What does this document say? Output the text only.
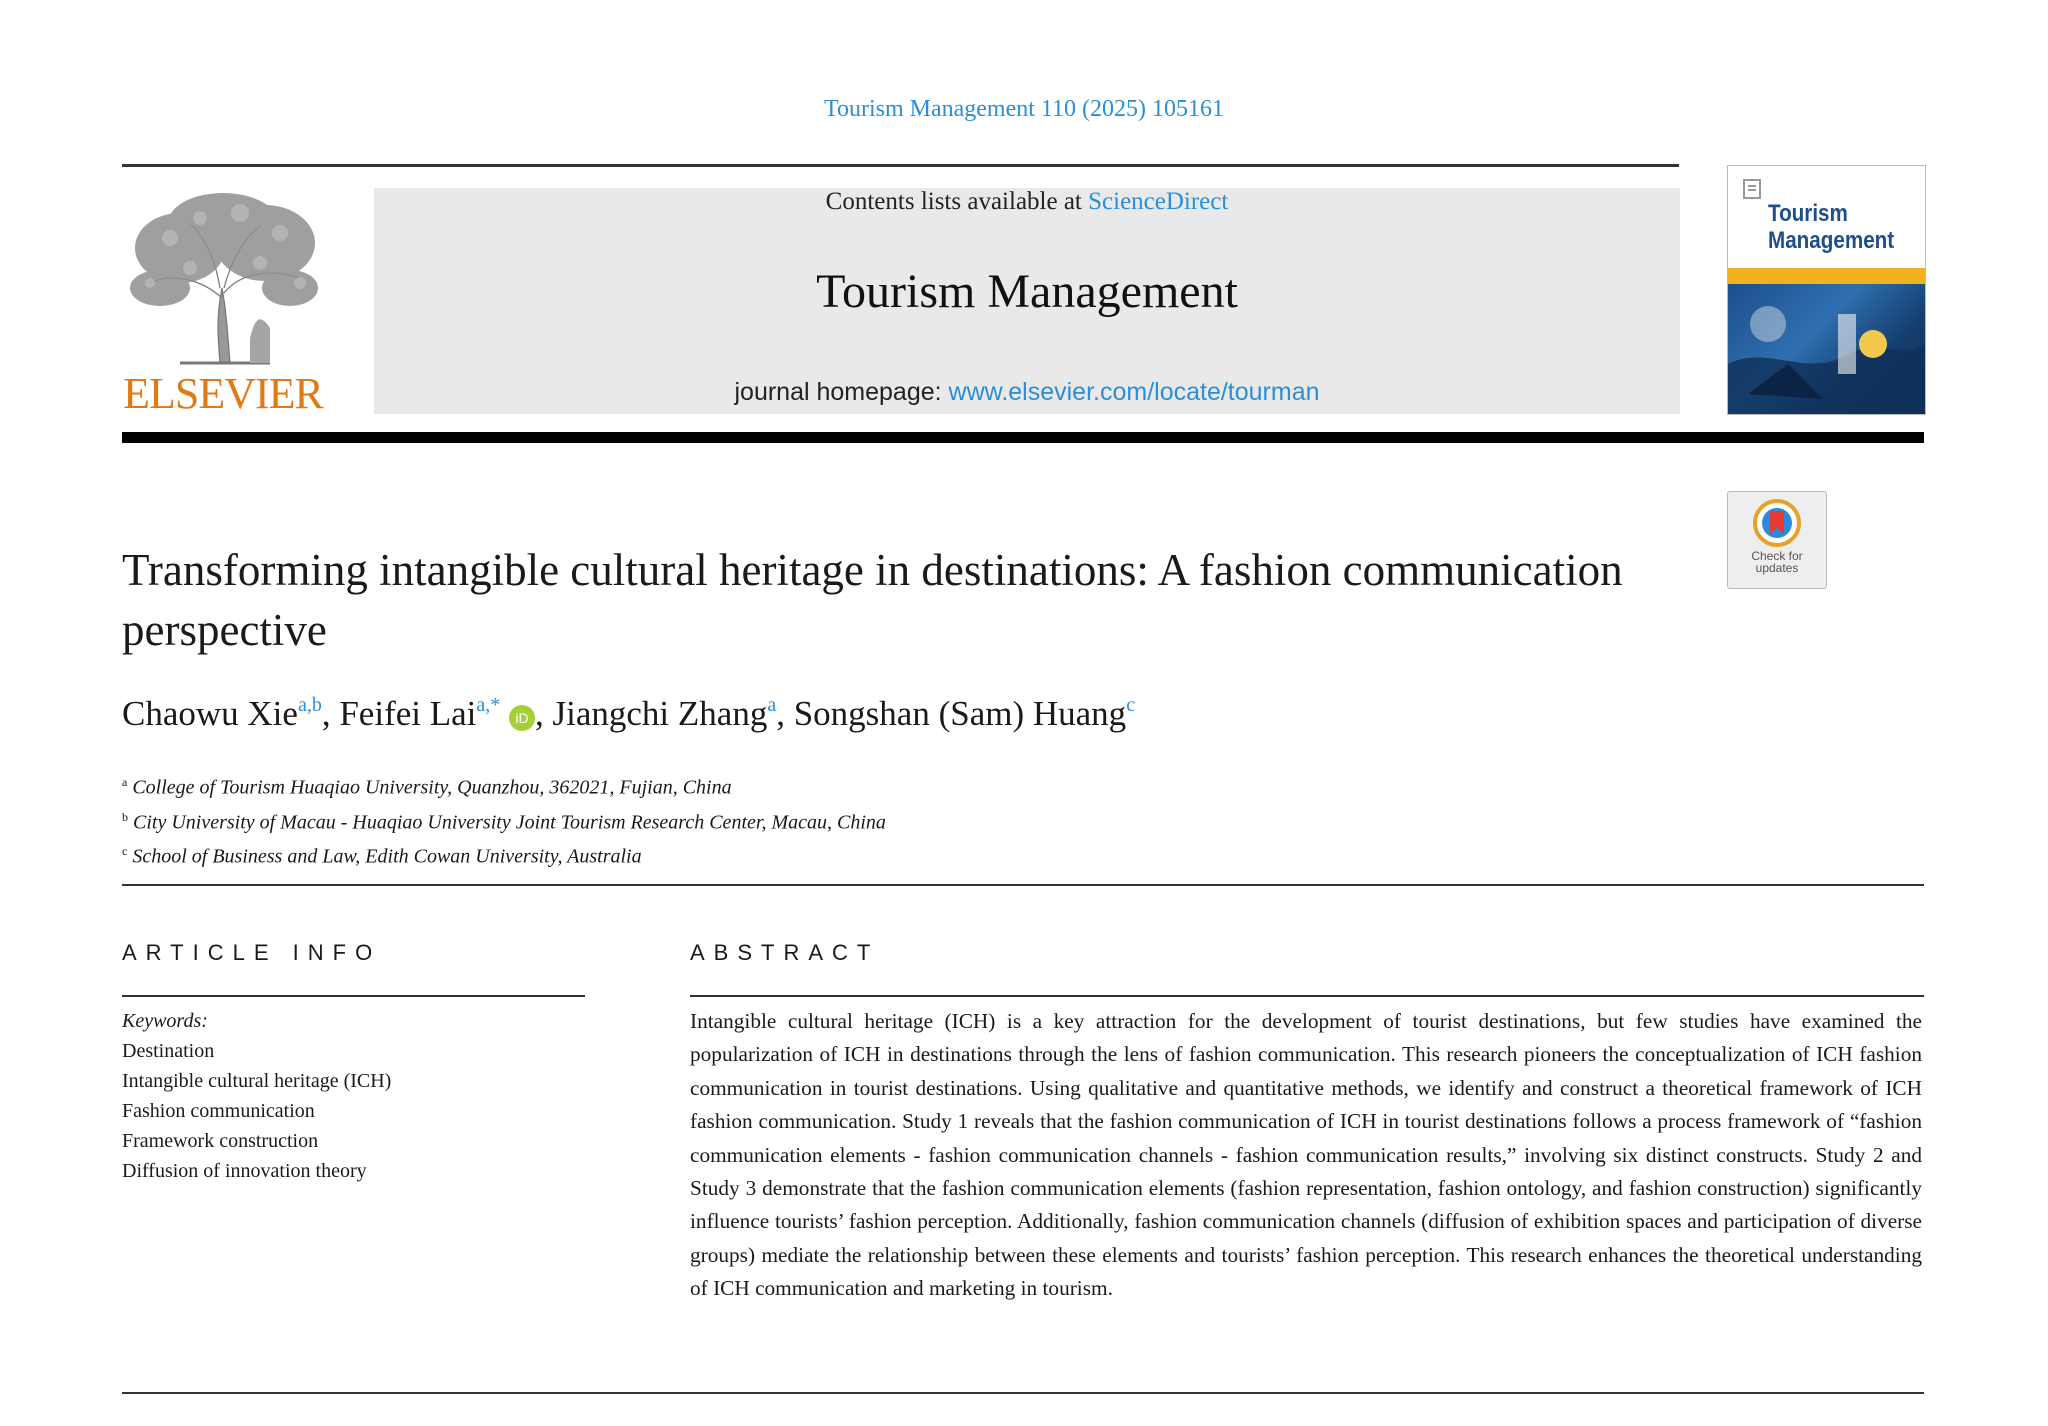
Tourism Management 110 (2025) 105161
ELSEVIER
Contents lists available at ScienceDirect
Tourism Management
journal homepage: www.elsevier.com/locate/tourman
Tourism
Management
Check for
updates
Transforming intangible cultural heritage in destinations: A fashion communication perspective
Chaowu Xie$^{a,b}$, Feifei Lai$^{a,*}$ iD , Jiangchi Zhang$^a$, Songshan (Sam) Huang$^c$
$^a$ College of Tourism Huaqiao University, Quanzhou, 362021, Fujian, China
$^b$ City University of Macau - Huaqiao University Joint Tourism Research Center, Macau, China
$^c$ School of Business and Law, Edith Cowan University, Australia
ARTICLE INFO
Keywords:
Destination
Intangible cultural heritage (ICH)
Fashion communication
Framework construction
Diffusion of innovation theory
ABSTRACT
Intangible cultural heritage (ICH) is a key attraction for the development of tourist destinations, but few studies have examined the popularization of ICH in destinations through the lens of fashion communication. This research pioneers the conceptualization of ICH fashion communication in tourist destinations. Using qualitative and quantitative methods, we identify and construct a theoretical framework of ICH fashion communication. Study 1 reveals that the fashion communication of ICH in tourist destinations follows a process framework of “fashion communication elements - fashion communication channels - fashion communication results,” involving six distinct constructs. Study 2 and Study 3 demonstrate that the fashion communication elements (fashion representation, fashion ontology, and fashion construction) significantly influence tourists’ fashion perception. Additionally, fashion communication channels (diffusion of exhibition spaces and participation of diverse groups) mediate the relationship between these elements and tourists’ fashion perception. This research enhances the theoretical understanding of ICH communication and marketing in tourism.
